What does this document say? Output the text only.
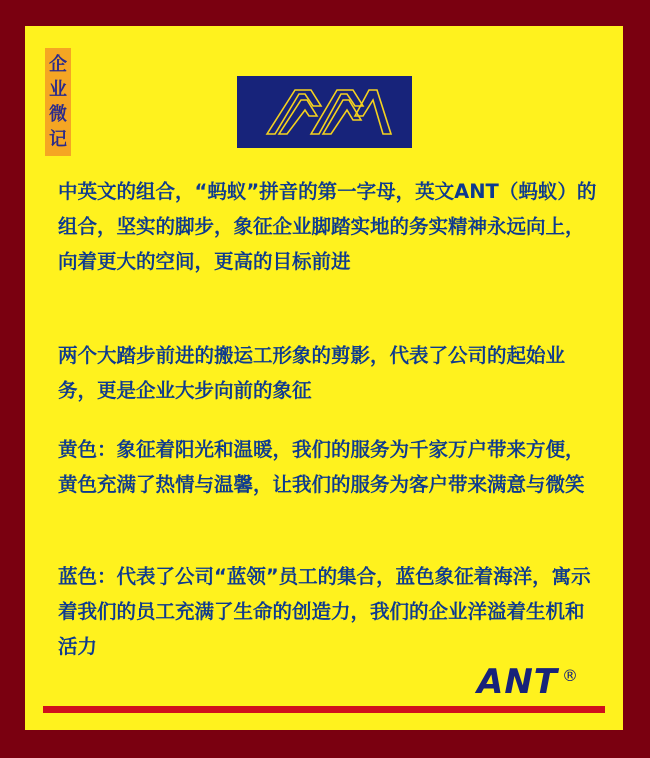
企
业
微
记

中英文的组合，“蚂蚁”拼音的第一字母，英文ANT（蚂蚁）的组合，坚实的脚步，象征企业脚踏实地的务实精神永远向上，向着更大的空间，更高的目标前进

两个大踏步前进的搬运工形象的剪影，代表了公司的起始业务，更是企业大步向前的象征

黄色：象征着阳光和温暖，我们的服务为千家万户带来方便，黄色充满了热情与温馨，让我们的服务为客户带来满意与微笑

蓝色：代表了公司“蓝领”员工的集合，蓝色象征着海洋，寓示着我们的员工充满了生命的创造力，我们的企业洋溢着生机和活力

ANT ®
